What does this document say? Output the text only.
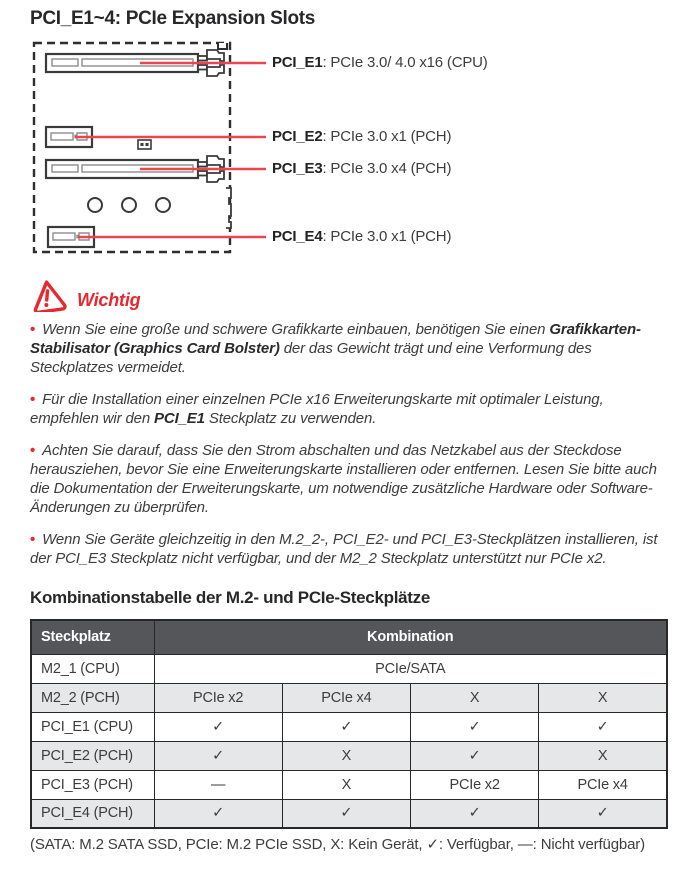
PCI_E1~4: PCIe Expansion Slots
PCI_E1: PCIe 3.0/ 4.0 x16 (CPU)
PCI_E2: PCIe 3.0 x1 (PCH)
PCI_E3: PCIe 3.0 x4 (PCH)
PCI_E4: PCIe 3.0 x1 (PCH)
Wichtig

• Wenn Sie eine große und schwere Grafikkarte einbauen, benötigen Sie einen Grafikkarten-Stabilisator (Graphics Card Bolster) der das Gewicht trägt und eine Verformung des Steckplatzes vermeidet.

• Für die Installation einer einzelnen PCIe x16 Erweiterungskarte mit optimaler Leistung, empfehlen wir den PCI_E1 Steckplatz zu verwenden.

• Achten Sie darauf, dass Sie den Strom abschalten und das Netzkabel aus der Steckdose herausziehen, bevor Sie eine Erweiterungskarte installieren oder entfernen. Lesen Sie bitte auch die Dokumentation der Erweiterungskarte, um notwendige zusätzliche Hardware oder Software-Änderungen zu überprüfen.

• Wenn Sie Geräte gleichzeitig in den M.2_2-, PCI_E2- und PCI_E3-Steckplätzen installieren, ist der PCI_E3 Steckplatz nicht verfügbar, und der M2_2 Steckplatz unterstützt nur PCIe x2.

Kombinationstabelle der M.2- und PCIe-Steckplätze
Steckplatz	Kombination			
M2_1 (CPU)	PCIe/SATA			
M2_2 (PCH)	PCIe x2	PCIe x4	X	X
PCI_E1 (CPU)	✓	✓	✓	✓
PCI_E2 (PCH)	✓	X	✓	X
PCI_E3 (PCH)	—	X	PCIe x2	PCIe x4
PCI_E4 (PCH)	✓	✓	✓	✓

(SATA: M.2 SATA SSD, PCIe: M.2 PCIe SSD, X: Kein Gerät, ✓: Verfügbar, —: Nicht verfügbar)
